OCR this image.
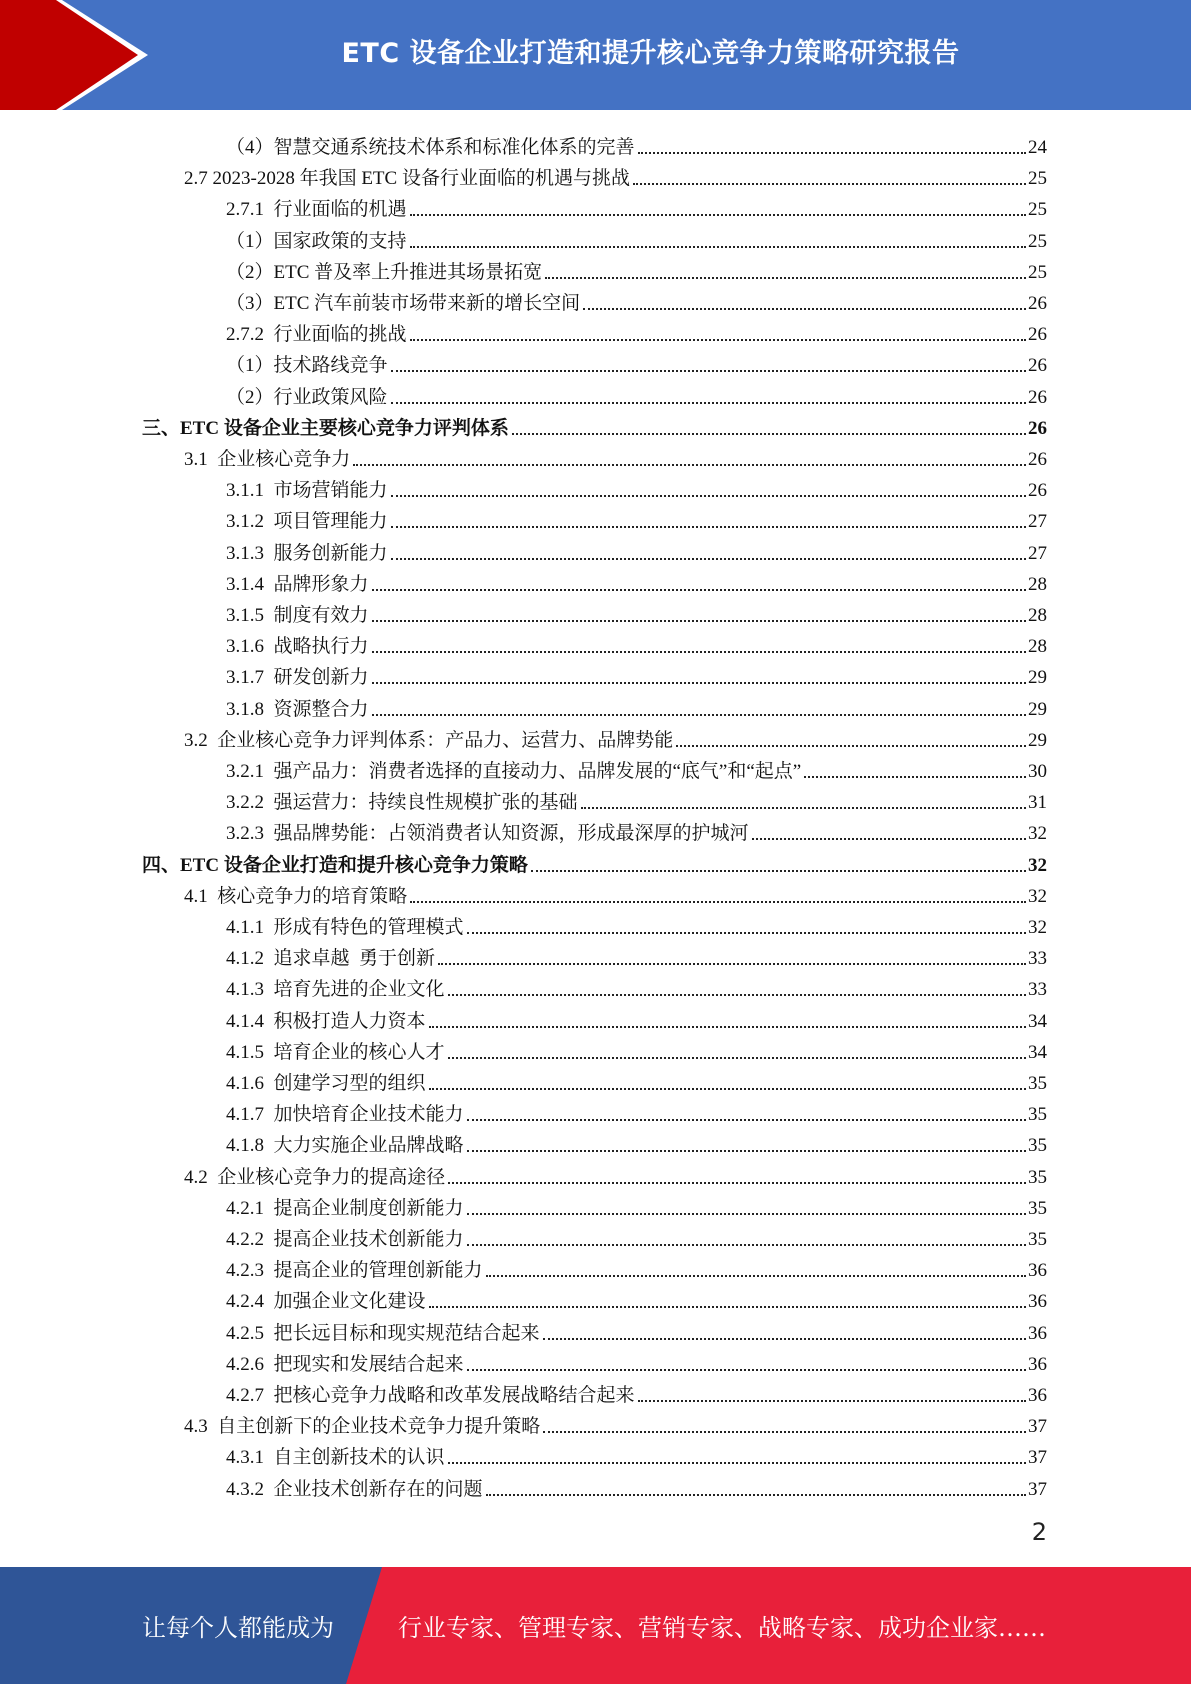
ETC 设备企业打造和提升核心竞争力策略研究报告
（4）智慧交通系统技术体系和标准化体系的完善	24
2.7 2023-2028 年我国 ETC 设备行业面临的机遇与挑战	25
2.7.1  行业面临的机遇	25
（1）国家政策的支持	25
（2）ETC 普及率上升推进其场景拓宽	25
（3）ETC 汽车前装市场带来新的增长空间	26
2.7.2  行业面临的挑战	26
（1）技术路线竞争	26
（2）行业政策风险	26
三、ETC 设备企业主要核心竞争力评判体系	26
3.1  企业核心竞争力	26
3.1.1  市场营销能力	26
3.1.2  项目管理能力	27
3.1.3  服务创新能力	27
3.1.4  品牌形象力	28
3.1.5  制度有效力	28
3.1.6  战略执行力	28
3.1.7  研发创新力	29
3.1.8  资源整合力	29
3.2  企业核心竞争力评判体系：产品力、运营力、品牌势能	29
3.2.1  强产品力：消费者选择的直接动力、品牌发展的“底气”和“起点”	30
3.2.2  强运营力：持续良性规模扩张的基础	31
3.2.3  强品牌势能：占领消费者认知资源，形成最深厚的护城河	32
四、ETC 设备企业打造和提升核心竞争力策略	32
4.1  核心竞争力的培育策略	32
4.1.1  形成有特色的管理模式	32
4.1.2  追求卓越  勇于创新	33
4.1.3  培育先进的企业文化	33
4.1.4  积极打造人力资本	34
4.1.5  培育企业的核心人才	34
4.1.6  创建学习型的组织	35
4.1.7  加快培育企业技术能力	35
4.1.8  大力实施企业品牌战略	35
4.2  企业核心竞争力的提高途径	35
4.2.1  提高企业制度创新能力	35
4.2.2  提高企业技术创新能力	35
4.2.3  提高企业的管理创新能力	36
4.2.4  加强企业文化建设	36
4.2.5  把长远目标和现实规范结合起来	36
4.2.6  把现实和发展结合起来	36
4.2.7  把核心竞争力战略和改革发展战略结合起来	36
4.3  自主创新下的企业技术竞争力提升策略	37
4.3.1  自主创新技术的认识	37
4.3.2  企业技术创新存在的问题	37
2
让每个人都能成为	行业专家、管理专家、营销专家、战略专家、成功企业家……
